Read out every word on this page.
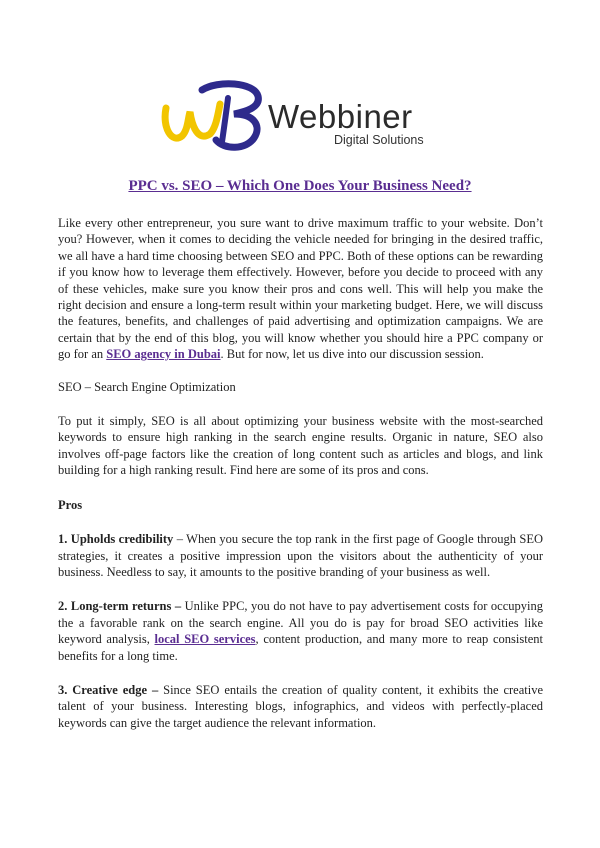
Webbiner
Digital Solutions
PPC vs. SEO – Which One Does Your Business Need?

Like every other entrepreneur, you sure want to drive maximum traffic to your website. Don’t you? However, when it comes to deciding the vehicle needed for bringing in the desired traffic, we all have a hard time choosing between SEO and PPC. Both of these options can be rewarding if you know how to leverage them effectively. However, before you decide to proceed with any of these vehicles, make sure you know their pros and cons well. This will help you make the right decision and ensure a long-term result within your marketing budget. Here, we will discuss the features, benefits, and challenges of paid advertising and optimization campaigns. We are certain that by the end of this blog, you will know whether you should hire a PPC company or go for an SEO agency in Dubai. But for now, let us dive into our discussion session.

SEO – Search Engine Optimization

To put it simply, SEO is all about optimizing your business website with the most-searched keywords to ensure high ranking in the search engine results. Organic in nature, SEO also involves off-page factors like the creation of long content such as articles and blogs, and link building for a high ranking result. Find here are some of its pros and cons.

Pros

1. Upholds credibility – When you secure the top rank in the first page of Google through SEO strategies, it creates a positive impression upon the visitors about the authenticity of your business. Needless to say, it amounts to the positive branding of your business as well.

2. Long-term returns – Unlike PPC, you do not have to pay advertisement costs for occupying the a favorable rank on the search engine. All you do is pay for broad SEO activities like keyword analysis, local SEO services, content production, and many more to reap consistent benefits for a long time.

3. Creative edge – Since SEO entails the creation of quality content, it exhibits the creative talent of your business. Interesting blogs, infographics, and videos with perfectly-placed keywords can give the target audience the relevant information.
